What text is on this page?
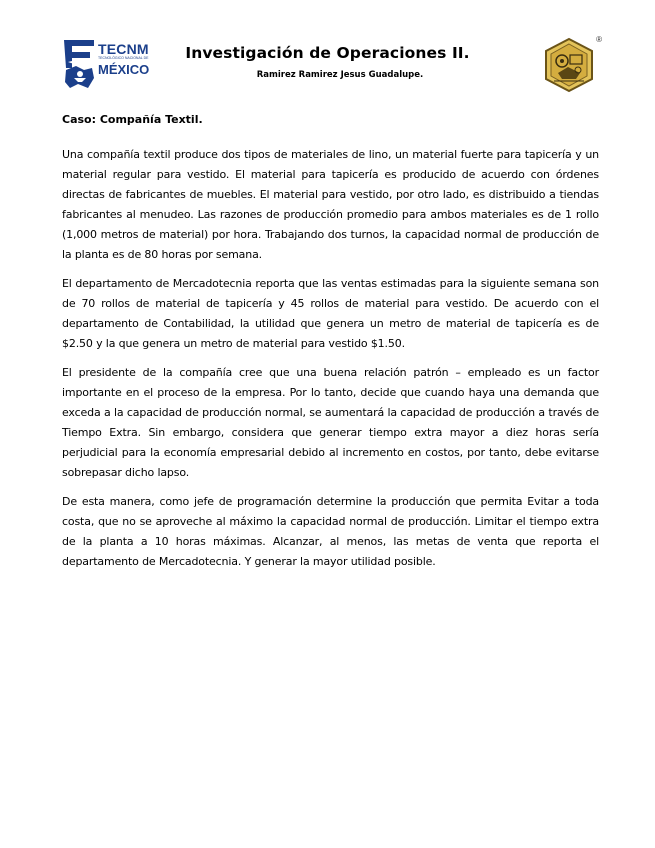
TECNM
TECNOLÓGICO NACIONAL DE
MÉXICO
Investigación de Operaciones II.
Ramirez Ramirez Jesus Guadalupe.
®
Caso: Compañía Textil.

Una compañía textil produce dos tipos de materiales de lino, un material fuerte para tapicería y un material regular para vestido. El material para tapicería es producido de acuerdo con órdenes directas de fabricantes de muebles. El material para vestido, por otro lado, es distribuido a tiendas fabricantes al menudeo. Las razones de producción promedio para ambos materiales es de 1 rollo (1,000 metros de material) por hora. Trabajando dos turnos, la capacidad normal de producción de la planta es de 80 horas por semana.

El departamento de Mercadotecnia reporta que las ventas estimadas para la siguiente semana son de 70 rollos de material de tapicería y 45 rollos de material para vestido. De acuerdo con el departamento de Contabilidad, la utilidad que genera un metro de material de tapicería es de $2.50 y la que genera un metro de material para vestido $1.50.

El presidente de la compañía cree que una buena relación patrón – empleado es un factor importante en el proceso de la empresa. Por lo tanto, decide que cuando haya una demanda que exceda a la capacidad de producción normal, se aumentará la capacidad de producción a través de Tiempo Extra. Sin embargo, considera que generar tiempo extra mayor a diez horas sería perjudicial para la economía empresarial debido al incremento en costos, por tanto, debe evitarse sobrepasar dicho lapso.

De esta manera, como jefe de programación determine la producción que permita Evitar a toda costa, que no se aproveche al máximo la capacidad normal de producción. Limitar el tiempo extra de la planta a 10 horas máximas. Alcanzar, al menos, las metas de venta que reporta el departamento de Mercadotecnia. Y generar la mayor utilidad posible.
